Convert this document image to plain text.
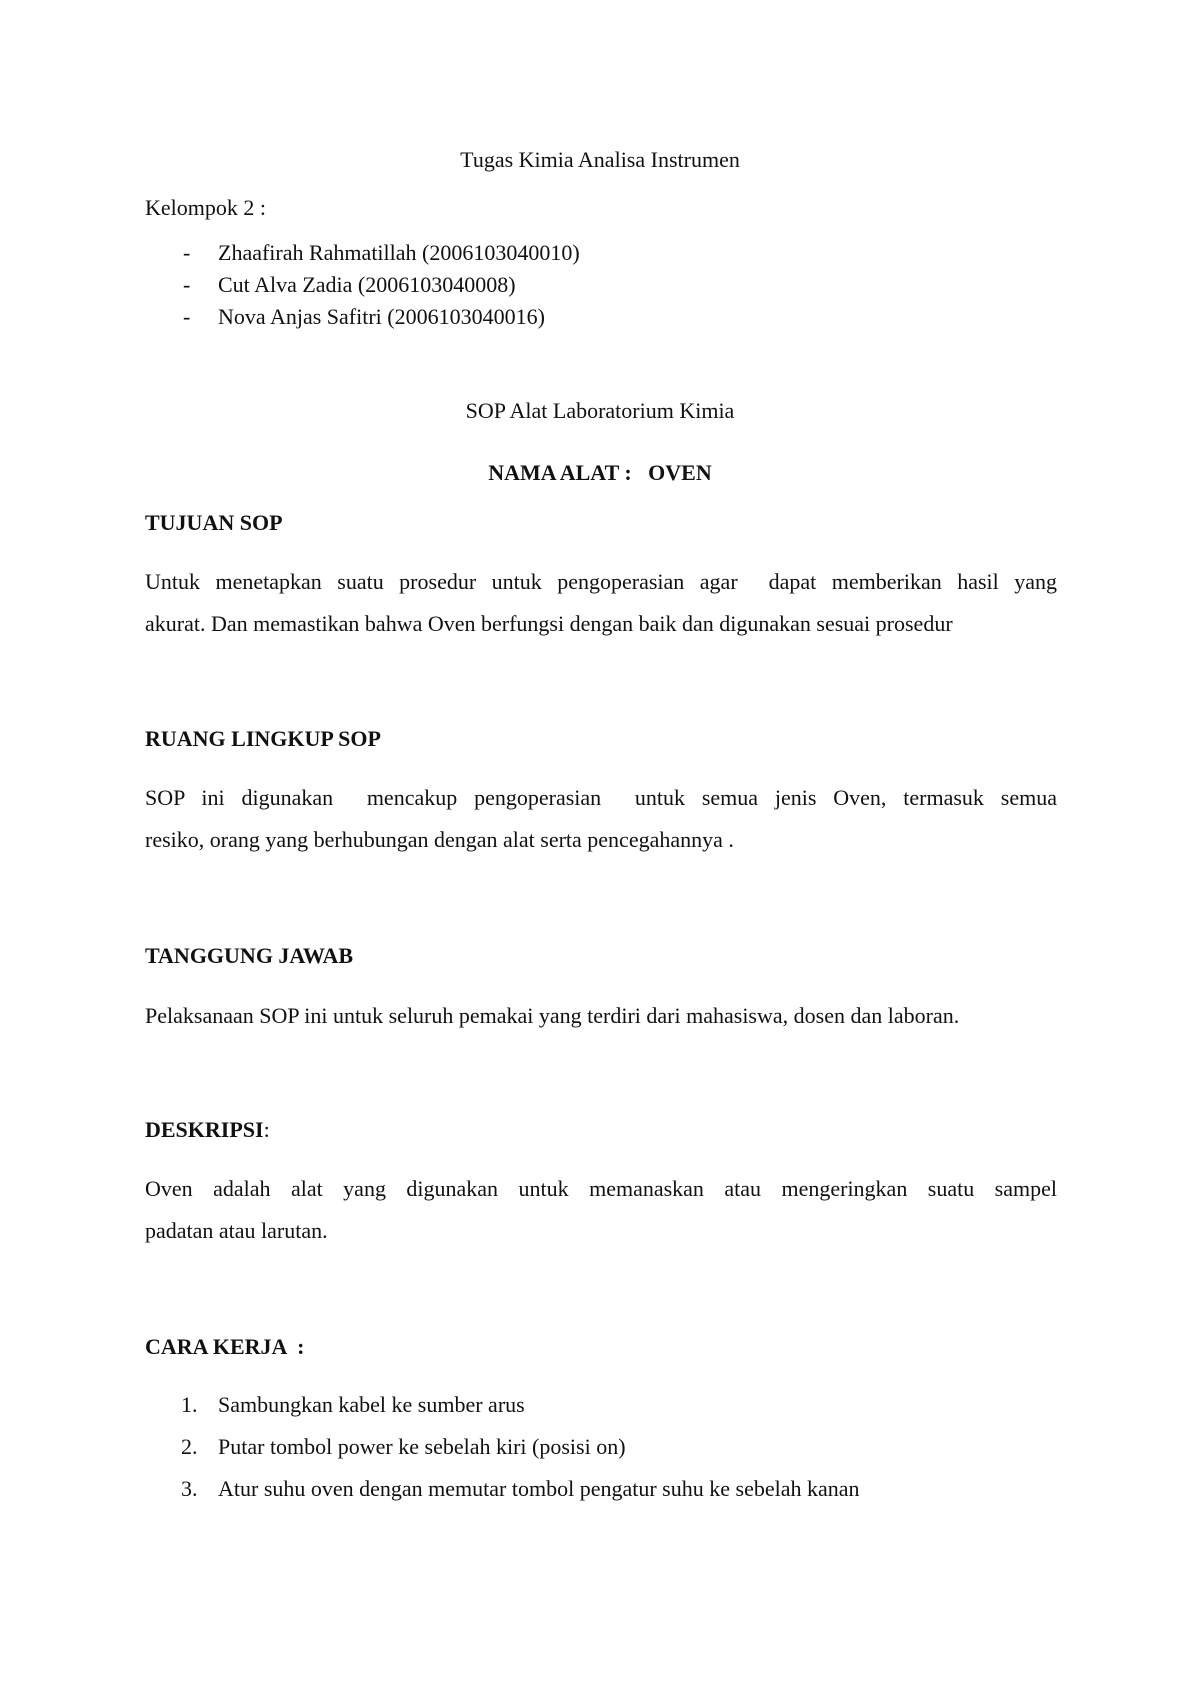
Tugas Kimia Analisa Instrumen
Kelompok 2 :
- Zhaafirah Rahmatillah (2006103040010)
- Cut Alva Zadia (2006103040008)
- Nova Anjas Safitri (2006103040016)
SOP Alat Laboratorium Kimia
NAMA ALAT :   OVEN
TUJUAN SOP
Untuk menetapkan suatu prosedur untuk pengoperasian agar  dapat memberikan hasil yang
akurat. Dan memastikan bahwa Oven berfungsi dengan baik dan digunakan sesuai prosedur
RUANG LINGKUP SOP
SOP ini digunakan  mencakup pengoperasian  untuk semua jenis Oven, termasuk semua
resiko, orang yang berhubungan dengan alat serta pencegahannya .
TANGGUNG JAWAB
Pelaksanaan SOP ini untuk seluruh pemakai yang terdiri dari mahasiswa, dosen dan laboran.
DESKRIPSI:
Oven adalah alat yang digunakan untuk memanaskan atau mengeringkan suatu sampel
padatan atau larutan.
CARA KERJA  :
1. Sambungkan kabel ke sumber arus
2. Putar tombol power ke sebelah kiri (posisi on)
3. Atur suhu oven dengan memutar tombol pengatur suhu ke sebelah kanan
